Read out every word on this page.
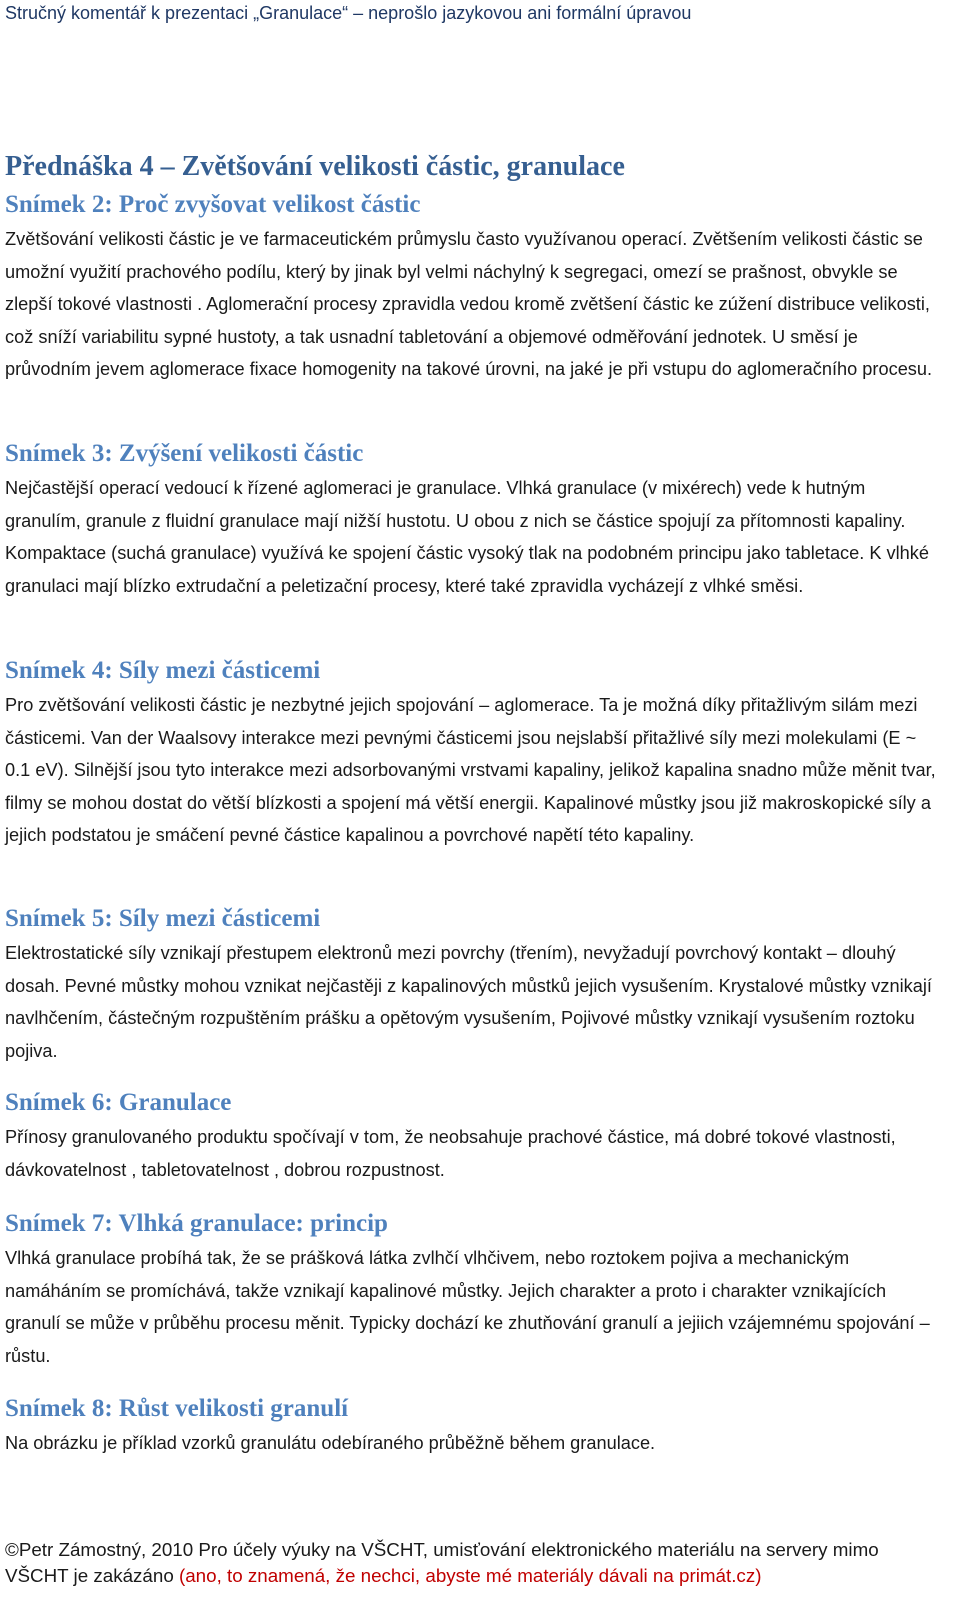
Stručný komentář k prezentaci „Granulace“ – neprošlo jazykovou ani formální úpravou
Přednáška 4 – Zvětšování velikosti částic, granulace
Snímek 2: Proč zvyšovat velikost částic

Zvětšování velikosti částic je ve farmaceutickém průmyslu často využívanou operací. Zvětšením velikosti částic se umožní využití prachového podílu, který by jinak byl velmi náchylný k segregaci, omezí se prašnost, obvykle se zlepší tokové vlastnosti . Aglomerační procesy zpravidla vedou kromě zvětšení částic ke zúžení distribuce velikosti, což sníží variabilitu sypné hustoty, a tak usnadní tabletování a objemové odměřování jednotek. U směsí je průvodním jevem aglomerace fixace homogenity na takové úrovni, na jaké je při vstupu do aglomeračního procesu.

Snímek 3: Zvýšení velikosti částic

Nejčastější operací vedoucí k řízené aglomeraci je granulace. Vlhká granulace (v mixérech) vede k hutným granulím, granule z fluidní granulace mají nižší hustotu. U obou z nich se částice spojují za přítomnosti kapaliny. Kompaktace (suchá granulace) využívá ke spojení částic vysoký tlak na podobném principu jako tabletace. K vlhké granulaci mají blízko extrudační a peletizační procesy, které také zpravidla vycházejí z vlhké směsi.

Snímek 4: Síly mezi částicemi

Pro zvětšování velikosti částic je nezbytné jejich spojování – aglomerace. Ta je možná díky přitažlivým silám mezi částicemi. Van der Waalsovy interakce mezi pevnými částicemi jsou nejslabší přitažlivé síly mezi molekulami (E ~ 0.1 eV). Silnější jsou tyto interakce mezi adsorbovanými vrstvami kapaliny, jelikož kapalina snadno může měnit tvar, filmy se mohou dostat do větší blízkosti a spojení má větší energii. Kapalinové můstky jsou již makroskopické síly a jejich podstatou je smáčení pevné částice kapalinou a povrchové napětí této kapaliny.

Snímek 5: Síly mezi částicemi

Elektrostatické síly vznikají přestupem elektronů mezi povrchy (třením), nevyžadují povrchový kontakt – dlouhý dosah. Pevné můstky mohou vznikat nejčastěji z kapalinových můstků jejich vysušením. Krystalové můstky vznikají navlhčením, částečným rozpuštěním prášku a opětovým vysušením, Pojivové můstky vznikají vysušením roztoku pojiva.

Snímek 6: Granulace

Přínosy granulovaného produktu spočívají v tom, že neobsahuje prachové částice, má dobré tokové vlastnosti, dávkovatelnost , tabletovatelnost , dobrou rozpustnost.

Snímek 7: Vlhká granulace: princip

Vlhká granulace probíhá tak, že se prášková látka zvlhčí vlhčivem, nebo roztokem pojiva a mechanickým namáháním se promíchává, takže vznikají kapalinové můstky. Jejich charakter a proto i charakter vznikajících granulí se může v průběhu procesu měnit. Typicky dochází ke zhutňování granulí a jejiich vzájemnému spojování – růstu.

Snímek 8: Růst velikosti granulí

Na obrázku je příklad vzorků granulátu odebíraného průběžně během granulace.

©Petr Zámostný, 2010 Pro účely výuky na VŠCHT, umisťování elektronického materiálu na servery mimo VŠCHT je zakázáno (ano, to znamená, že nechci, abyste mé materiály dávali na primát.cz)
